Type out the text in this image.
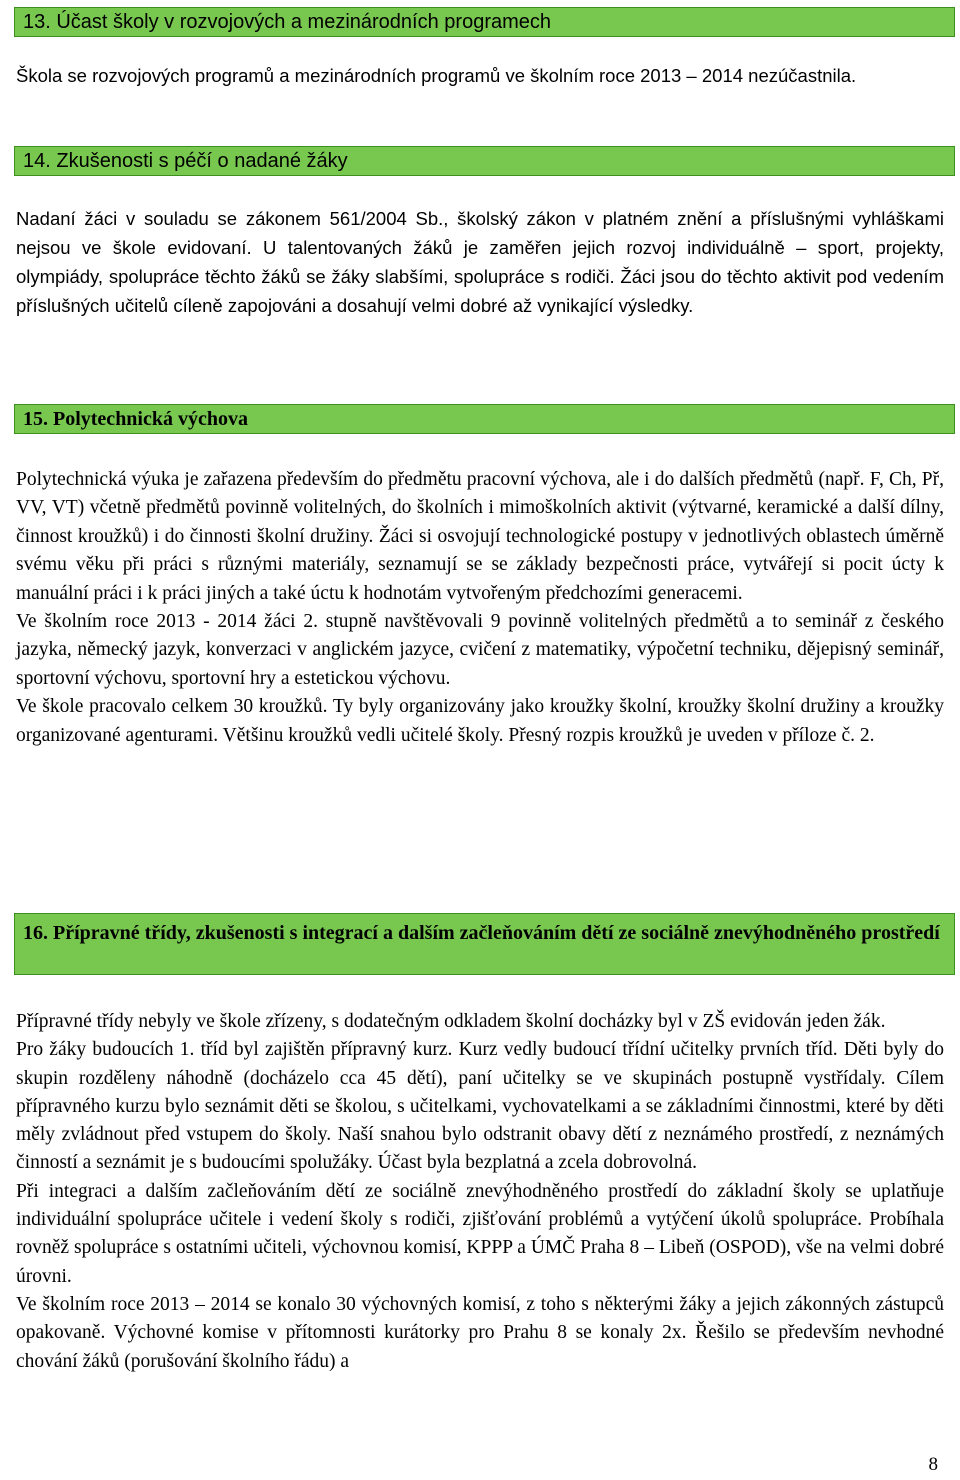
13. Účast školy v rozvojových a mezinárodních programech

Škola se rozvojových programů a mezinárodních programů ve školním roce 2013 – 2014 nezúčastnila.

14. Zkušenosti s péčí o nadané žáky

Nadaní žáci v souladu se zákonem 561/2004 Sb., školský zákon v platném znění a příslušnými vyhláškami nejsou ve škole evidovaní. U talentovaných žáků je zaměřen jejich rozvoj individuálně – sport, projekty, olympiády, spolupráce těchto žáků se žáky slabšími, spolupráce s rodiči. Žáci jsou do těchto aktivit pod vedením příslušných učitelů cíleně zapojováni a dosahují velmi dobré až vynikající výsledky.

15. Polytechnická výchova

Polytechnická výuka je zařazena především do předmětu pracovní výchova, ale i do dalších předmětů (např. F, Ch, Př, VV, VT) včetně předmětů povinně volitelných, do školních i mimoškolních aktivit (výtvarné, keramické a další dílny, činnost kroužků) i do činnosti školní družiny. Žáci si osvojují technologické postupy v jednotlivých oblastech úměrně svému věku při práci s různými materiály, seznamují se se základy bezpečnosti práce, vytvářejí si pocit úcty k manuální práci i k práci jiných a také úctu k hodnotám vytvořeným předchozími generacemi.

Ve školním roce 2013 - 2014 žáci 2. stupně navštěvovali 9 povinně volitelných předmětů a to seminář z českého jazyka, německý jazyk, konverzaci v anglickém jazyce, cvičení z matematiky, výpočetní techniku, dějepisný seminář, sportovní výchovu, sportovní hry a estetickou výchovu.

Ve škole pracovalo celkem 30 kroužků. Ty byly organizovány jako kroužky školní, kroužky školní družiny a kroužky organizované agenturami. Většinu kroužků vedli učitelé školy. Přesný rozpis kroužků je uveden v příloze č. 2.

16. Přípravné třídy, zkušenosti s integrací a dalším začleňováním dětí ze sociálně znevýhodněného prostředí

Přípravné třídy nebyly ve škole zřízeny, s dodatečným odkladem školní docházky byl v ZŠ evidován jeden žák.

Pro žáky budoucích 1. tříd byl zajištěn přípravný kurz. Kurz vedly budoucí třídní učitelky prvních tříd. Děti byly do skupin rozděleny náhodně (docházelo cca 45 dětí), paní učitelky se ve skupinách postupně vystřídaly. Cílem přípravného kurzu bylo seznámit děti se školou, s učitelkami, vychovatelkami a se základními činnostmi, které by děti měly zvládnout před vstupem do školy. Naší snahou bylo odstranit obavy dětí z neznámého prostředí, z neznámých činností a seznámit je s budoucími spolužáky. Účast byla bezplatná a zcela dobrovolná.

Při integraci a dalším začleňováním dětí ze sociálně znevýhodněného prostředí do základní školy se uplatňuje individuální spolupráce učitele i vedení školy s rodiči, zjišťování problémů a vytýčení úkolů spolupráce. Probíhala rovněž spolupráce s ostatními učiteli, výchovnou komisí, KPPP a ÚMČ Praha 8 – Libeň (OSPOD), vše na velmi dobré úrovni.

Ve školním roce 2013 – 2014 se konalo 30 výchovných komisí, z toho s některými žáky a jejich zákonných zástupců opakovaně. Výchovné komise v přítomnosti kurátorky pro Prahu 8 se konaly 2x. Řešilo se především nevhodné chování žáků (porušování školního řádu) a

8
